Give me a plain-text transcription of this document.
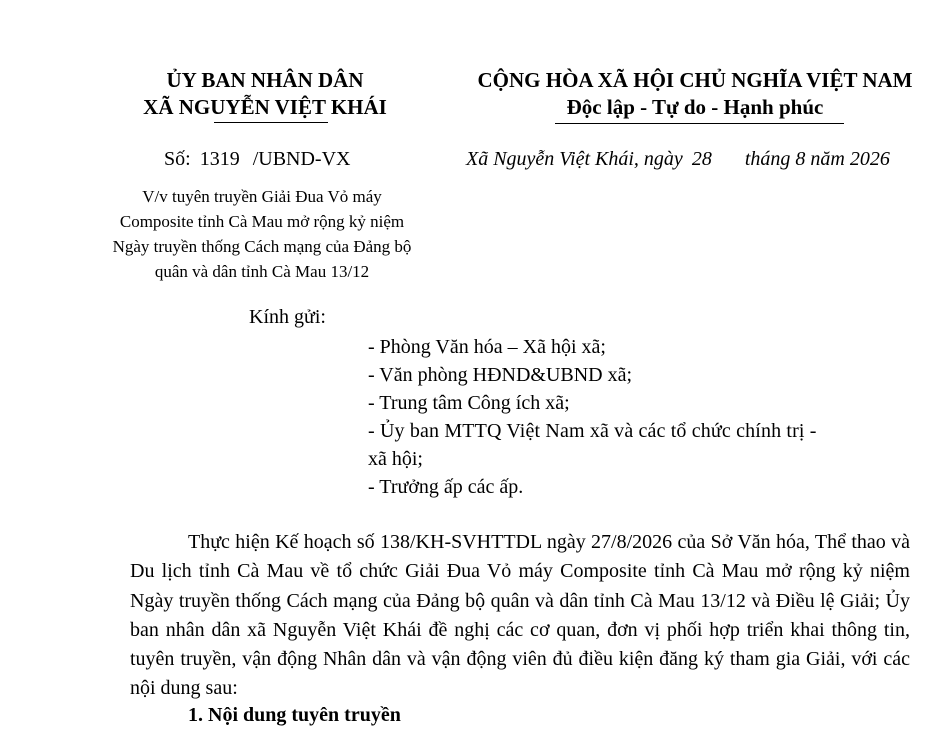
ỦY BAN NHÂN DÂN
XÃ NGUYỄN VIỆT KHÁI
CỘNG HÒA XÃ HỘI CHỦ NGHĨA VIỆT NAM
Độc lập - Tự do - Hạnh phúc
Số: 1319 /UBND-VX	Xã Nguyễn Việt Khái, ngày 28 tháng 8 năm 2026
V/v tuyên truyền Giải Đua Vỏ máy Composite tỉnh Cà Mau mở rộng kỷ niệm Ngày truyền thống Cách mạng của Đảng bộ quân và dân tỉnh Cà Mau 13/12
Kính gửi:
- Phòng Văn hóa – Xã hội xã;
- Văn phòng HĐND&UBND xã;
- Trung tâm Công ích xã;
- Ủy ban MTTQ Việt Nam xã và các tổ chức chính trị -
xã hội;
- Trưởng ấp các ấp.
Thực hiện Kế hoạch số 138/KH-SVHTTDL ngày 27/8/2026 của Sở Văn hóa, Thể thao và Du lịch tỉnh Cà Mau về tổ chức Giải Đua Vỏ máy Composite tỉnh Cà Mau mở rộng kỷ niệm Ngày truyền thống Cách mạng của Đảng bộ quân và dân tỉnh Cà Mau 13/12 và Điều lệ Giải; Ủy ban nhân dân xã Nguyễn Việt Khái đề nghị các cơ quan, đơn vị phối hợp triển khai thông tin, tuyên truyền, vận động Nhân dân và vận động viên đủ điều kiện đăng ký tham gia Giải, với các nội dung sau:
1. Nội dung tuyên truyền
